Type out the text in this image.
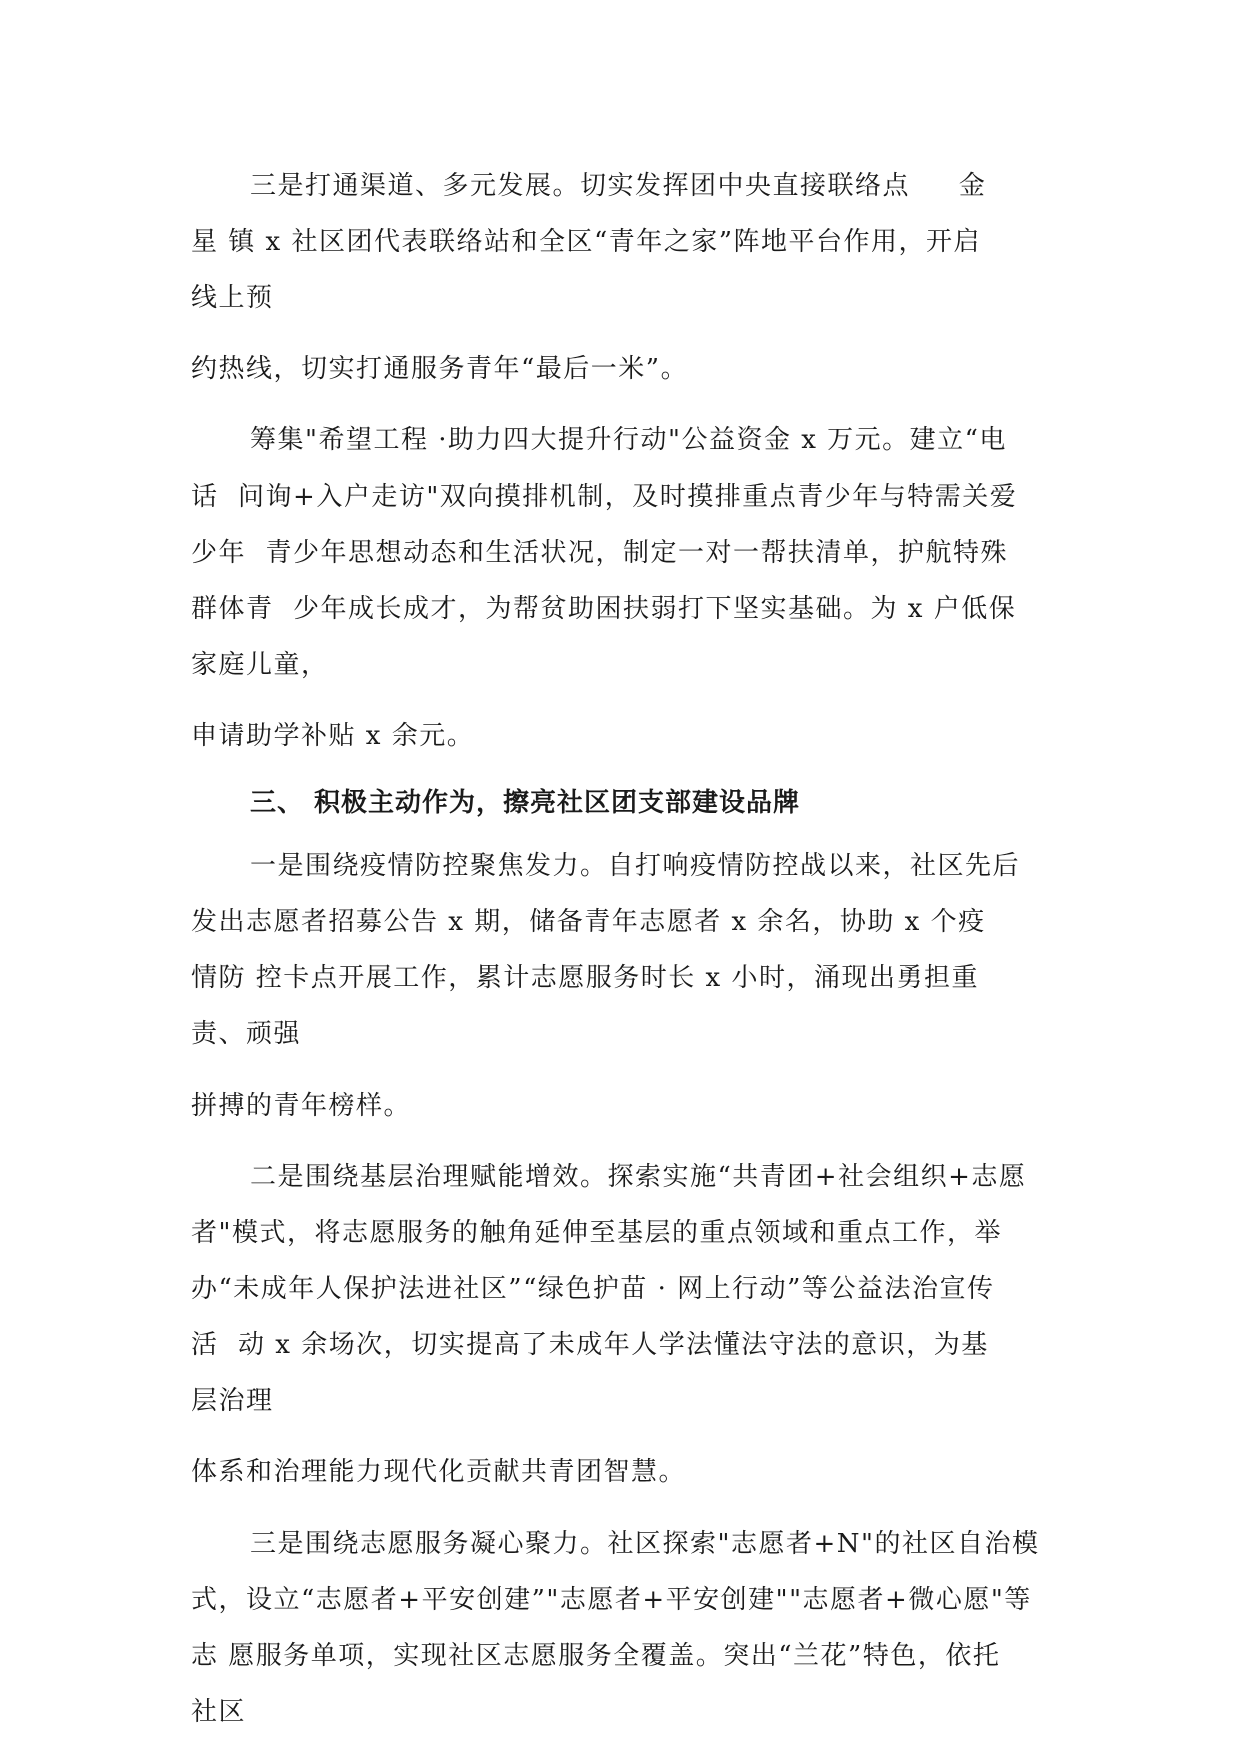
三是打通渠道、多元发展。切实发挥团中央直接联络点     金
星 镇 x 社区团代表联络站和全区“青年之家”阵地平台作用，开启
线上预
约热线，切实打通服务青年“最后一米”。
筹集"希望工程 ·助力四大提升行动"公益资金 x 万元。建立“电
话  问询+入户走访"双向摸排机制，及时摸排重点青少年与特需关爱
少年  青少年思想动态和生活状况，制定一对一帮扶清单，护航特殊
群体青  少年成长成才，为帮贫助困扶弱打下坚实基础。为 x 户低保
家庭儿童，
申请助学补贴 x 余元。
三、 积极主动作为，擦亮社区团支部建设品牌
一是围绕疫情防控聚焦发力。自打响疫情防控战以来，社区先后
发出志愿者招募公告 x 期，储备青年志愿者 x 余名，协助 x 个疫
情防 控卡点开展工作，累计志愿服务时长 x 小时，涌现出勇担重
责、顽强
拼搏的青年榜样。
二是围绕基层治理赋能增效。探索实施“共青团+社会组织+志愿
者"模式，将志愿服务的触角延伸至基层的重点领域和重点工作，举
办“未成年人保护法进社区”“绿色护苗 · 网上行动”等公益法治宣传
活  动 x 余场次，切实提高了未成年人学法懂法守法的意识，为基
层治理
体系和治理能力现代化贡献共青团智慧。
三是围绕志愿服务凝心聚力。社区探索"志愿者+N"的社区自治模
式，设立“志愿者+平安创建”"志愿者+平安创建""志愿者+微心愿"等
志 愿服务单项，实现社区志愿服务全覆盖。突出“兰花”特色，依托
社区
